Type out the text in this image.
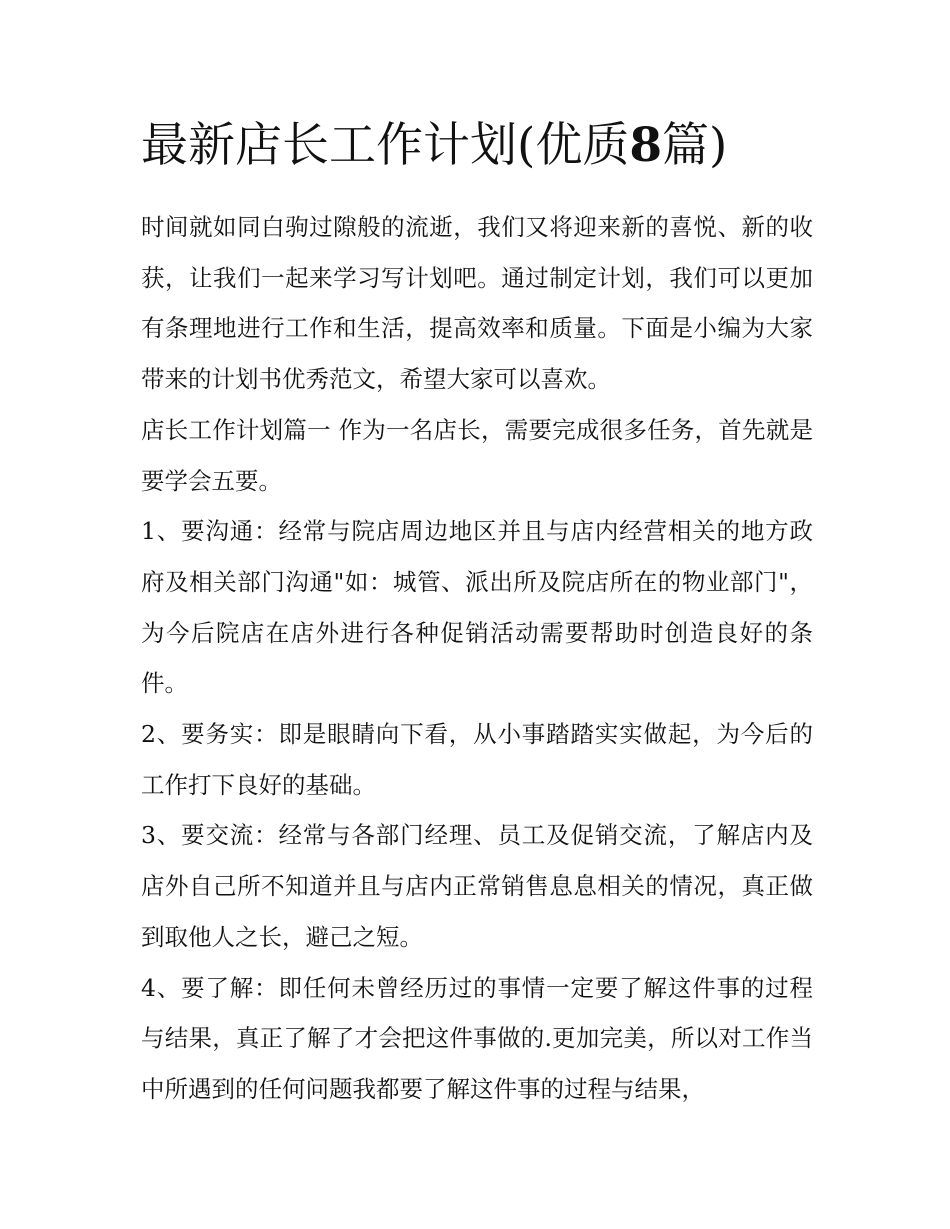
最新店长工作计划(优质8篇)

时间就如同白驹过隙般的流逝，我们又将迎来新的喜悦、新的收获，让我们一起来学习写计划吧。通过制定计划，我们可以更加有条理地进行工作和生活，提高效率和质量。下面是小编为大家带来的计划书优秀范文，希望大家可以喜欢。

店长工作计划篇一 作为一名店长，需要完成很多任务，首先就是要学会五要。

1、要沟通：经常与院店周边地区并且与店内经营相关的地方政府及相关部门沟通"如：城管、派出所及院店所在的物业部门"，为今后院店在店外进行各种促销活动需要帮助时创造良好的条件。

2、要务实：即是眼睛向下看，从小事踏踏实实做起，为今后的工作打下良好的基础。

3、要交流：经常与各部门经理、员工及促销交流，了解店内及店外自己所不知道并且与店内正常销售息息相关的情况，真正做到取他人之长，避己之短。

4、要了解：即任何未曾经历过的事情一定要了解这件事的过程与结果，真正了解了才会把这件事做的.更加完美，所以对工作当中所遇到的任何问题我都要了解这件事的过程与结果，
